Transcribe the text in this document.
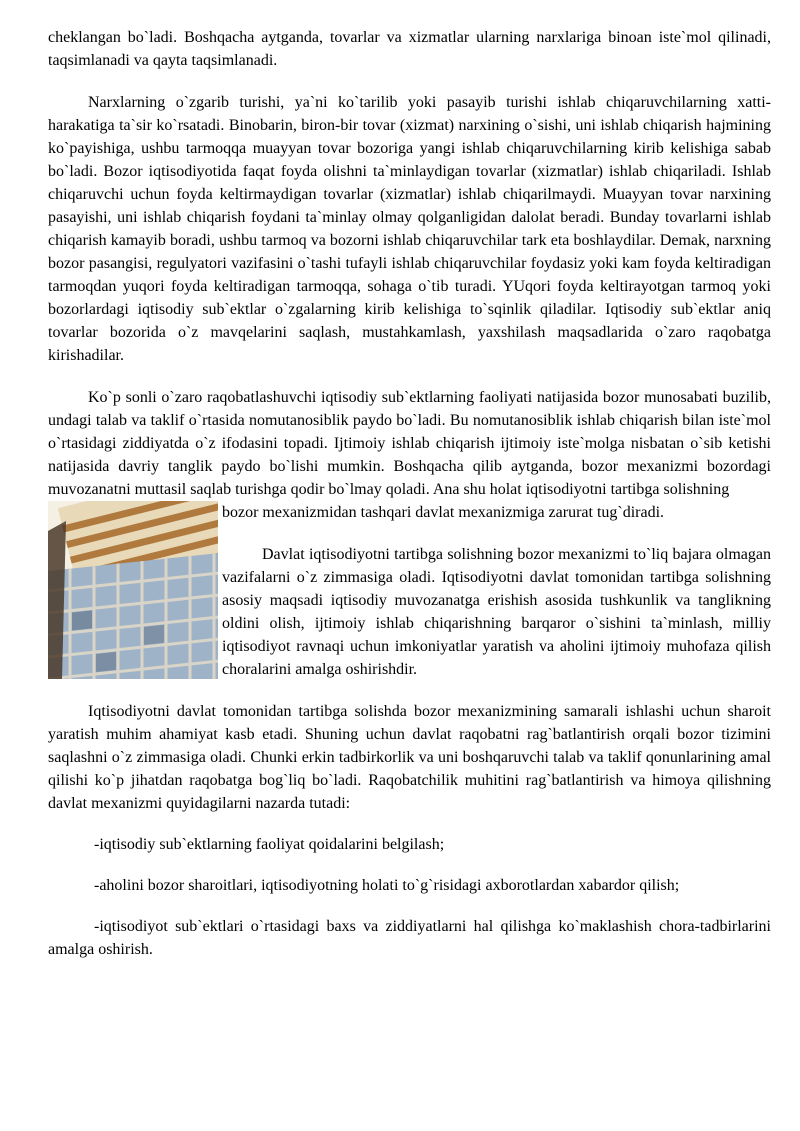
cheklangan bo`ladi. Boshqacha aytganda, tovarlar va xizmatlar ularning narxlariga binoan iste`mol qilinadi, taqsimlanadi va qayta taqsimlanadi.

Narxlarning o`zgarib turishi, ya`ni ko`tarilib yoki pasayib turishi ishlab chiqaruvchilarning xatti-harakatiga ta`sir ko`rsatadi. Binobarin, biron-bir tovar (xizmat) narxining o`sishi, uni ishlab chiqarish hajmining ko`payishiga, ushbu tarmoqqa muayyan tovar bozoriga yangi ishlab chiqaruvchilarning kirib kelishiga sabab bo`ladi. Bozor iqtisodiyotida faqat foyda olishni ta`minlaydigan tovarlar (xizmatlar) ishlab chiqariladi. Ishlab chiqaruvchi uchun foyda keltirmaydigan tovarlar (xizmatlar) ishlab chiqarilmaydi. Muayyan tovar narxining pasayishi, uni ishlab chiqarish foydani ta`minlay olmay qolganligidan dalolat beradi. Bunday tovarlarni ishlab chiqarish kamayib boradi, ushbu tarmoq va bozorni ishlab chiqaruvchilar tark eta boshlaydilar. Demak, narxning bozor pasangisi, regulyatori vazifasini o`tashi tufayli ishlab chiqaruvchilar foydasiz yoki kam foyda keltiradigan tarmoqdan yuqori foyda keltiradigan tarmoqqa, sohaga o`tib turadi. YUqori foyda keltirayotgan tarmoq yoki bozorlardagi iqtisodiy sub`ektlar o`zgalarning kirib kelishiga to`sqinlik qiladilar. Iqtisodiy sub`ektlar aniq tovarlar bozorida o`z mavqelarini saqlash, mustahkamlash, yaxshilash maqsadlarida o`zaro raqobatga kirishadilar.

Ko`p sonli o`zaro raqobatlashuvchi iqtisodiy sub`ektlarning faoliyati natijasida bozor munosabati buzilib, undagi talab va taklif o`rtasida nomutanosiblik paydo bo`ladi. Bu nomutanosiblik ishlab chiqarish bilan iste`mol o`rtasidagi ziddiyatda o`z ifodasini topadi. Ijtimoiy ishlab chiqarish ijtimoiy iste`molga nisbatan o`sib ketishi natijasida davriy tanglik paydo bo`lishi mumkin. Boshqacha qilib aytganda, bozor mexanizmi bozordagi muvozanatni muttasil saqlab turishga qodir bo`lmay qoladi. Ana shu holat iqtisodiyotni tartibga solishning

bozor mexanizmidan tashqari davlat mexanizmiga zarurat tug`diradi.

Davlat iqtisodiyotni tartibga solishning bozor mexanizmi to`liq bajara olmagan vazifalarni o`z zimmasiga oladi. Iqtisodiyotni davlat tomonidan tartibga solishning asosiy maqsadi iqtisodiy muvozanatga erishish asosida tushkunlik va tanglikning oldini olish, ijtimoiy ishlab chiqarishning barqaror o`sishini ta`minlash, milliy iqtisodiyot ravnaqi uchun imkoniyatlar yaratish va aholini ijtimoiy muhofaza qilish choralarini amalga oshirishdir.

Iqtisodiyotni davlat tomonidan tartibga solishda bozor mexanizmining samarali ishlashi uchun sharoit yaratish muhim ahamiyat kasb etadi. Shuning uchun davlat raqobatni rag`batlantirish orqali bozor tizimini saqlashni o`z zimmasiga oladi. Chunki erkin tadbirkorlik va uni boshqaruvchi talab va taklif qonunlarining amal qilishi ko`p jihatdan raqobatga bog`liq bo`ladi. Raqobatchilik muhitini rag`batlantirish va himoya qilishning davlat mexanizmi quyidagilarni nazarda tutadi:

-iqtisodiy sub`ektlarning faoliyat qoidalarini belgilash;

-aholini bozor sharoitlari, iqtisodiyotning holati to`g`risidagi axborotlardan xabardor qilish;

-iqtisodiyot sub`ektlari o`rtasidagi baxs va ziddiyatlarni hal qilishga ko`maklashish chora-tadbirlarini amalga oshirish.
